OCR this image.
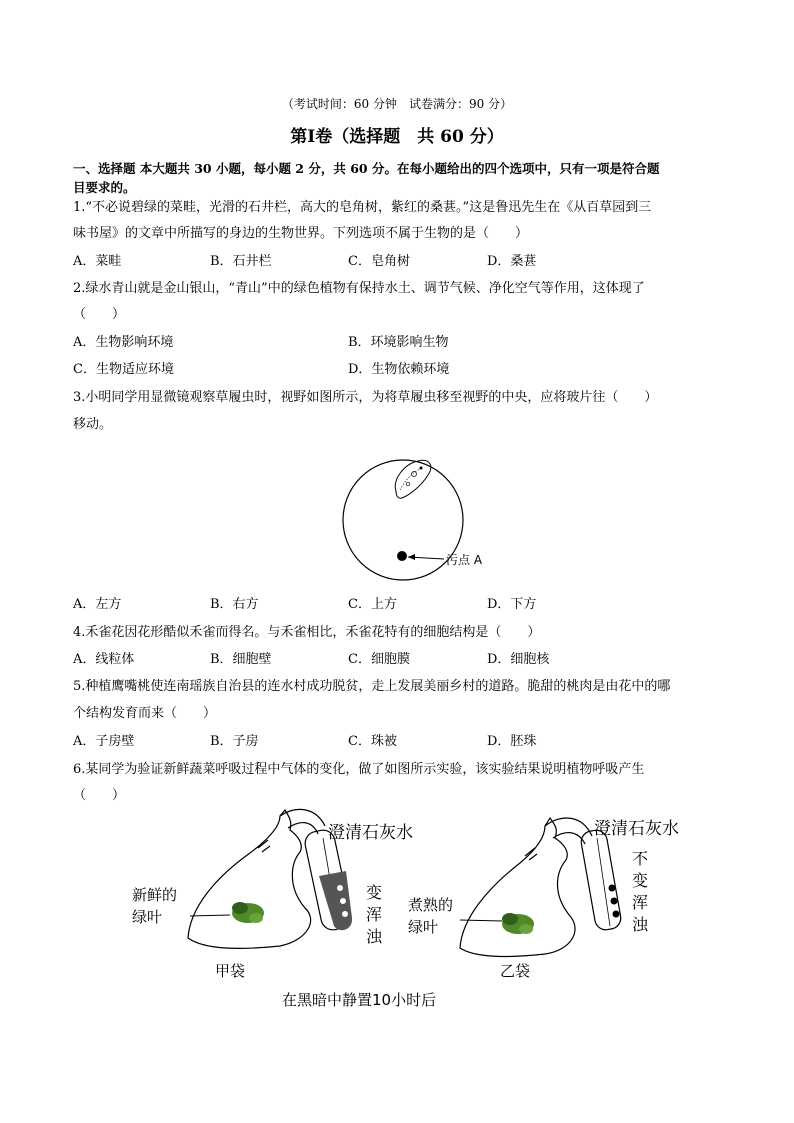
（考试时间：60 分钟　试卷满分：90 分）
第Ⅰ卷（选择题　共 60 分）
一、选择题 本大题共 30 小题，每小题 2 分，共 60 分。在每小题给出的四个选项中，只有一项是符合题
目要求的。
1.“不必说碧绿的菜畦，光滑的石井栏，高大的皂角树，紫红的桑葚。”这是鲁迅先生在《从百草园到三
味书屋》的文章中所描写的身边的生物世界。下列选项不属于生物的是（　　）
A．菜畦	B．石井栏	C．皂角树	D．桑葚
2.绿水青山就是金山银山，“青山”中的绿色植物有保持水土、调节气候、净化空气等作用，这体现了
（　　）
A．生物影响环境	B．环境影响生物
C．生物适应环境	D．生物依赖环境
3.小明同学用显微镜观察草履虫时，视野如图所示，为将草履虫移至视野的中央，应将玻片往（　　）
移动。
污点 A
A．左方	B．右方	C．上方	D．下方
4.禾雀花因花形酷似禾雀而得名。与禾雀相比，禾雀花特有的细胞结构是（　　）
A．线粒体	B．细胞壁	C．细胞膜	D．细胞核
5.种植鹰嘴桃使连南瑶族自治县的连水村成功脱贫，走上发展美丽乡村的道路。脆甜的桃肉是由花中的哪
个结构发育而来（　　）
A．子房壁	B．子房	C．珠被	D．胚珠
6.某同学为验证新鲜蔬菜呼吸过程中气体的变化，做了如图所示实验，该实验结果说明植物呼吸产生
（　　）
澄清石灰水
新鲜的
绿叶
变
浑
浊
甲袋
澄清石灰水
煮熟的
绿叶
不
变
浑
浊
乙袋
在黑暗中静置10小时后
